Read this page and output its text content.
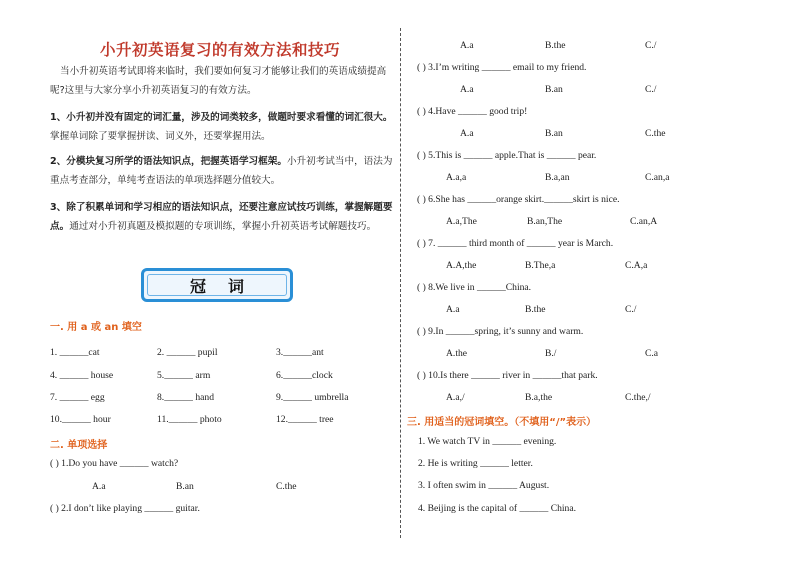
小升初英语复习的有效方法和技巧
当小升初英语考试即将来临时，我们要如何复习才能够让我们的英语成绩提高呢?这里与大家分享小升初英语复习的有效方法。
1、小升初并没有固定的词汇量，涉及的词类较多，做题时要求看懂的词汇很大。掌握单词除了要掌握拼读、词义外，还要掌握用法。
2、分模块复习所学的语法知识点，把握英语学习框架。小升初考试当中，语法为重点考查部分，单纯考查语法的单项选择题分值较大。
3、除了积累单词和学习相应的语法知识点，还要注意应试技巧训练，掌握解题要点。通过对小升初真题及模拟题的专项训练，掌握小升初英语考试解题技巧。
冠词
一. 用 a 或 an 填空
1. ______cat	2. ______ pupil	3.______ant
4. ______ house	5.______ arm	6.______clock
7. ______ egg	8.______ hand	9.______ umbrella
10.______ hour	11.______ photo	12.______ tree
二. 单项选择
( ) 1.Do you have ______ watch?
A.a	B.an	C.the
( ) 2.I don’t like playing ______ guitar.
A.a	B.the	C./
( ) 3.I’m writing ______ email to my friend.
A.a	B.an	C./
( ) 4.Have ______ good trip!
A.a	B.an	C.the
( ) 5.This is ______ apple.That is ______ pear.
A.a,a	B.a,an	C.an,a
( ) 6.She has ______orange skirt.______skirt is nice.
A.a,The	B.an,The	C.an,A
( ) 7. ______ third month of ______ year is March.
A.A,the	B.The,a	C.A,a
( ) 8.We live in ______China.
A.a	B.the	C./
( ) 9.In ______spring, it’s sunny and warm.
A.the	B./	C.a
( ) 10.Is there ______ river in ______that park.
A.a,/	B.a,the	C.the,/
三. 用适当的冠词填空。（不填用“/”表示）
1. We watch TV in ______ evening.
2. He is writing ______ letter.
3. I often swim in ______ August.
4. Beijing is the capital of ______ China.
